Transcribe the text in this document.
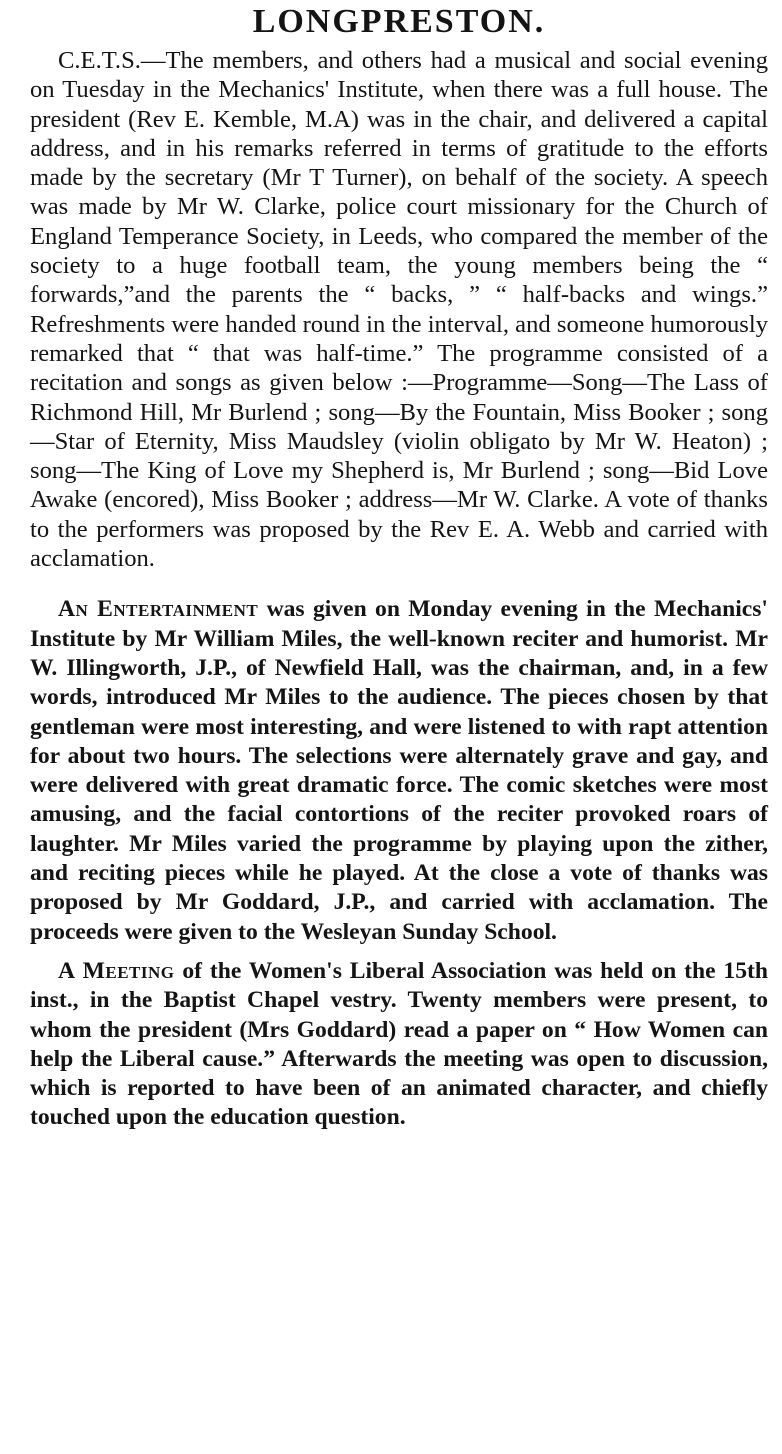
LONGPRESTON.

C.E.T.S.—The members, and others had a musical and social evening on Tuesday in the Mechanics' Institute, when there was a full house. The president (Rev E. Kemble, M.A) was in the chair, and delivered a capital address, and in his remarks referred in terms of gratitude to the efforts made by the secretary (Mr T Turner), on behalf of the society. A speech was made by Mr W. Clarke, police court missionary for the Church of England Temperance Society, in Leeds, who compared the member of the society to a huge football team, the young members being the “ forwards,”and the parents the “ backs, ” “ half-backs and wings.” Refreshments were handed round in the interval, and someone humorously remarked that “ that was half-time.” The programme consisted of a recitation and songs as given below :—Programme—Song—The Lass of Richmond Hill, Mr Burlend ; song—By the Fountain, Miss Booker ; song—Star of Eternity, Miss Maudsley (violin obligato by Mr W. Heaton) ; song—The King of Love my Shepherd is, Mr Burlend ; song—Bid Love Awake (encored), Miss Booker ; address—Mr W. Clarke. A vote of thanks to the performers was proposed by the Rev E. A. Webb and carried with acclamation.

An Entertainment was given on Monday evening in the Mechanics' Institute by Mr William Miles, the well-known reciter and humorist. Mr W. Illingworth, J.P., of Newfield Hall, was the chairman, and, in a few words, introduced Mr Miles to the audience. The pieces chosen by that gentleman were most interesting, and were listened to with rapt attention for about two hours. The selections were alternately grave and gay, and were delivered with great dramatic force. The comic sketches were most amusing, and the facial contortions of the reciter provoked roars of laughter. Mr Miles varied the programme by playing upon the zither, and reciting pieces while he played. At the close a vote of thanks was proposed by Mr Goddard, J.P., and carried with acclamation. The proceeds were given to the Wesleyan Sunday School.

A Meeting of the Women's Liberal Association was held on the 15th inst., in the Baptist Chapel vestry. Twenty members were present, to whom the president (Mrs Goddard) read a paper on “ How Women can help the Liberal cause.” Afterwards the meeting was open to discussion, which is reported to have been of an animated character, and chiefly touched upon the education question.
